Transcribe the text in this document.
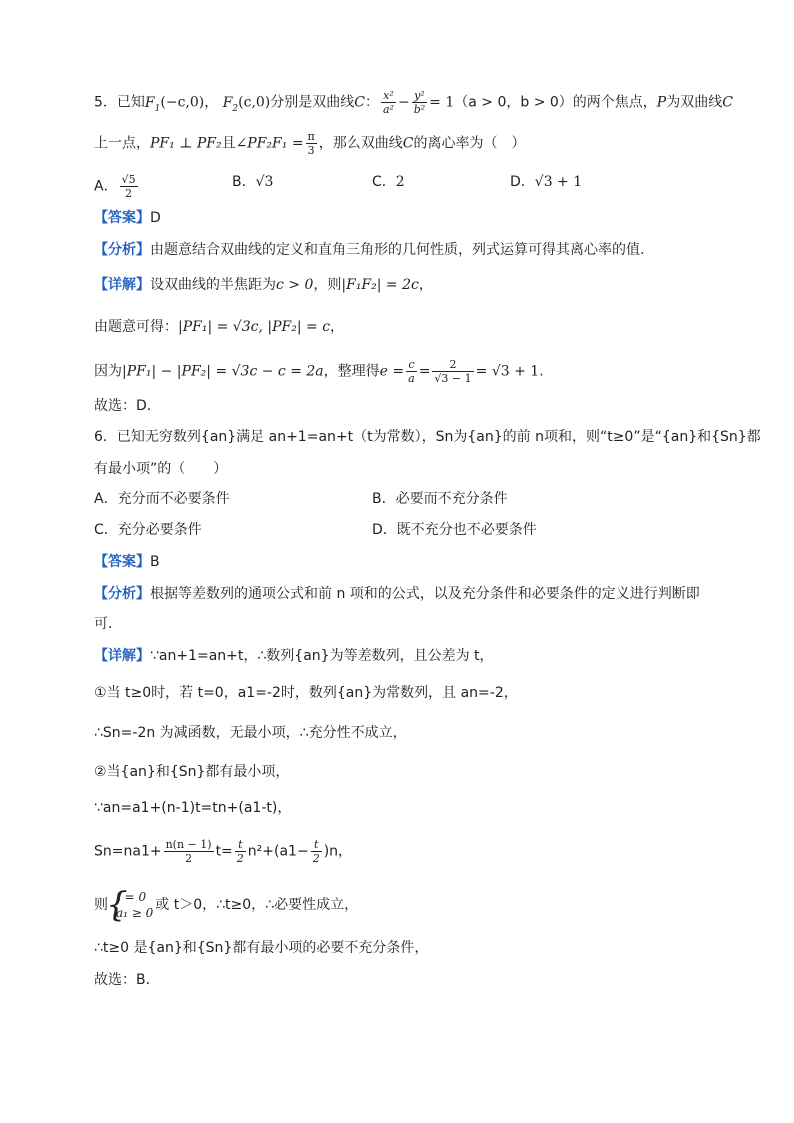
5．已知$F_1(-c,0)$， $F_2(c,0)$分别是双曲线C： $\frac{\text{x²}}{\text{a²}} - \frac{\text{y²}}{\text{b²}} = 1(a > 0$，b > 0）的两个焦点，P为双曲线C
上一点，PF₁ ⊥ PF₂且∠PF₂F₁ = $\frac{\pi}{3}$ ，那么双曲线C的离心率为（　）
A． $\frac{√5}{2}$	B．√3	C．2	D．√3 + 1
【答案】D
【分析】由题意结合双曲线的定义和直角三角形的几何性质，列式运算可得其离心率的值.
【详解】设双曲线的半焦距为c > 0，则|F₁F₂| = 2c，
由题意可得：|PF₁| = √3c, |PF₂| = c，
因为|PF₁| − |PF₂| = √3c − c = 2a，整理得$e = \frac{c}{a} = \frac{2}{√3 - 1} = √3 + 1$.
故选：D.
6．已知无穷数列{an}满足 an+1=an+t（t为常数），Sn为{an}的前 n项和，则“t≥0”是“{an}和{Sn}都
有最小项”的（　　）
A．充分而不必要条件	B．必要而不充分条件
C．充分必要条件	D．既不充分也不必要条件
【答案】B
【分析】根据等差数列的通项公式和前 n 项和的公式，以及充分条件和必要条件的定义进行判断即
可．
【详解】∵an+1=an+t，∴数列{an}为等差数列，且公差为 t，
①当 t≥0时，若 t=0，a1=-2时，数列{an}为常数列，且 an=-2，
∴Sn=-2n 为减函数，无最小项，∴充分性不成立，
②当{an}和{Sn}都有最小项，
∵an=a1+(n-1)t=tn+(a1-t)，
$Sn=na1+ \frac{n(n - 1)}{2} t= \frac{t}{2} n^2+(a1- \frac{t}{2} )n$，
则
{ t = 0
a₁ ≥ 0 或 t＞0，∴t≥0，∴必要性成立，
∴t≥0 是{an}和{Sn}都有最小项的必要不充分条件，
故选：B．
